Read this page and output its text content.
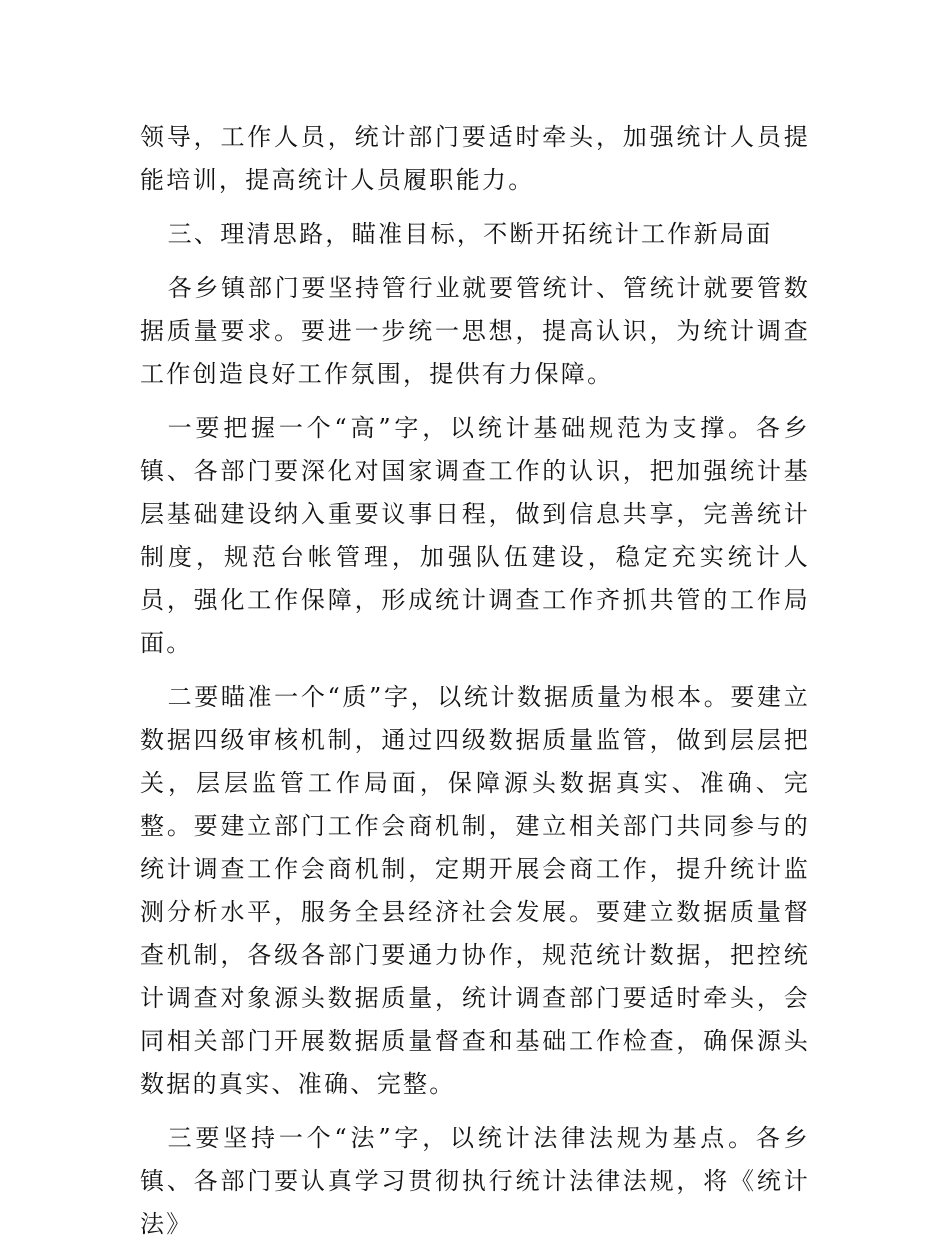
领导，工作人员，统计部门要适时牵头，加强统计人员提能培训，提高统计人员履职能力。

三、理清思路，瞄准目标，不断开拓统计工作新局面

各乡镇部门要坚持管行业就要管统计、管统计就要管数据质量要求。要进一步统一思想，提高认识，为统计调查工作创造良好工作氛围，提供有力保障。

一要把握一个“高”字，以统计基础规范为支撑。各乡镇、各部门要深化对国家调查工作的认识，把加强统计基层基础建设纳入重要议事日程，做到信息共享，完善统计制度，规范台帐管理，加强队伍建设，稳定充实统计人员，强化工作保障，形成统计调查工作齐抓共管的工作局面。

二要瞄准一个“质”字，以统计数据质量为根本。要建立数据四级审核机制，通过四级数据质量监管，做到层层把关，层层监管工作局面，保障源头数据真实、准确、完整。要建立部门工作会商机制，建立相关部门共同参与的统计调查工作会商机制，定期开展会商工作，提升统计监测分析水平，服务全县经济社会发展。要建立数据质量督查机制，各级各部门要通力协作，规范统计数据，把控统计调查对象源头数据质量，统计调查部门要适时牵头，会同相关部门开展数据质量督查和基础工作检查，确保源头数据的真实、准确、完整。

三要坚持一个“法”字，以统计法律法规为基点。各乡镇、各部门要认真学习贯彻执行统计法律法规，将《统计法》
